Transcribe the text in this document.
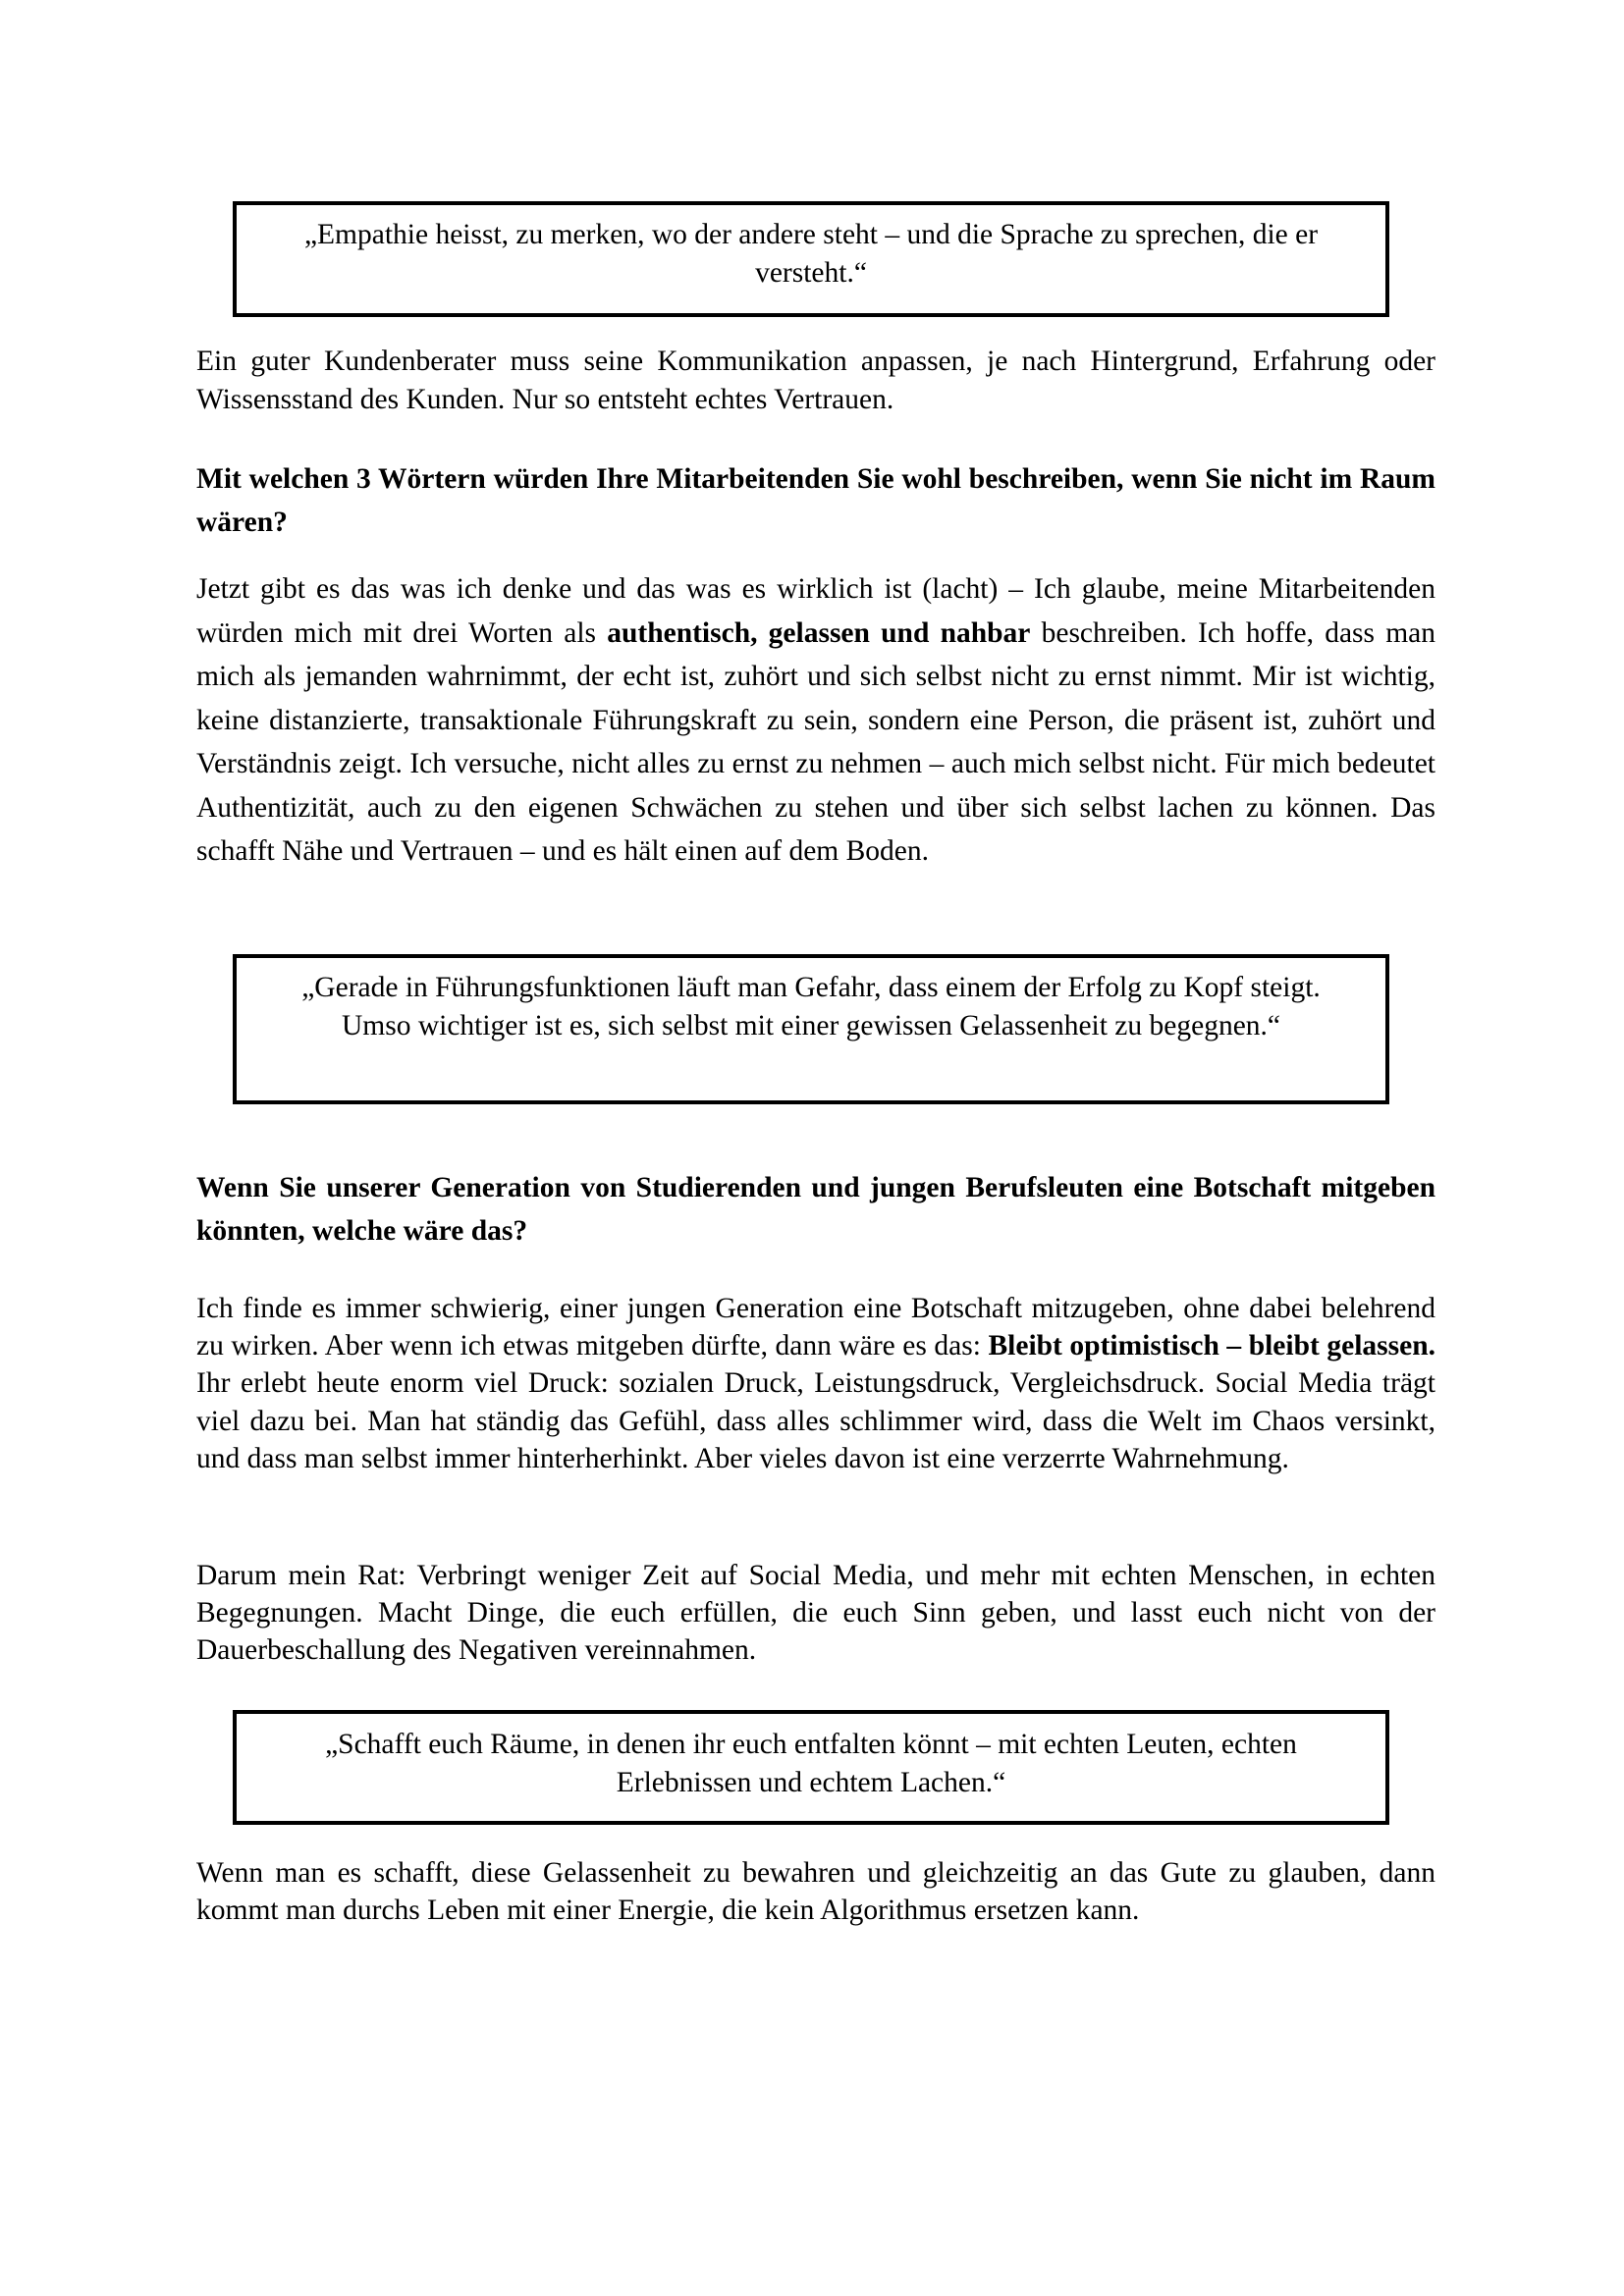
„Empathie heisst, zu merken, wo der andere steht – und die Sprache zu sprechen, die er versteht.“

Ein guter Kundenberater muss seine Kommunikation anpassen, je nach Hintergrund, Erfahrung oder Wissensstand des Kunden. Nur so entsteht echtes Vertrauen.

Mit welchen 3 Wörtern würden Ihre Mitarbeitenden Sie wohl beschreiben, wenn Sie nicht im Raum wären?

Jetzt gibt es das was ich denke und das was es wirklich ist (lacht) – Ich glaube, meine Mitarbeitenden würden mich mit drei Worten als authentisch, gelassen und nahbar beschreiben. Ich hoffe, dass man mich als jemanden wahrnimmt, der echt ist, zuhört und sich selbst nicht zu ernst nimmt. Mir ist wichtig, keine distanzierte, transaktionale Führungskraft zu sein, sondern eine Person, die präsent ist, zuhört und Verständnis zeigt. Ich versuche, nicht alles zu ernst zu nehmen – auch mich selbst nicht. Für mich bedeutet Authentizität, auch zu den eigenen Schwächen zu stehen und über sich selbst lachen zu können. Das schafft Nähe und Vertrauen – und es hält einen auf dem Boden.

„Gerade in Führungsfunktionen läuft man Gefahr, dass einem der Erfolg zu Kopf steigt. Umso wichtiger ist es, sich selbst mit einer gewissen Gelassenheit zu begegnen.“
Wenn Sie unserer Generation von Studierenden und jungen Berufsleuten eine Botschaft mitgeben könnten, welche wäre das?

Ich finde es immer schwierig, einer jungen Generation eine Botschaft mitzugeben, ohne dabei belehrend zu wirken. Aber wenn ich etwas mitgeben dürfte, dann wäre es das: Bleibt optimistisch – bleibt gelassen. Ihr erlebt heute enorm viel Druck: sozialen Druck, Leistungsdruck, Vergleichsdruck. Social Media trägt viel dazu bei. Man hat ständig das Gefühl, dass alles schlimmer wird, dass die Welt im Chaos versinkt, und dass man selbst immer hinterherhinkt. Aber vieles davon ist eine verzerrte Wahrnehmung.

Darum mein Rat: Verbringt weniger Zeit auf Social Media, und mehr mit echten Menschen, in echten Begegnungen. Macht Dinge, die euch erfüllen, die euch Sinn geben, und lasst euch nicht von der Dauerbeschallung des Negativen vereinnahmen.

„Schafft euch Räume, in denen ihr euch entfalten könnt – mit echten Leuten, echten Erlebnissen und echtem Lachen.“

Wenn man es schafft, diese Gelassenheit zu bewahren und gleichzeitig an das Gute zu glauben, dann kommt man durchs Leben mit einer Energie, die kein Algorithmus ersetzen kann.
